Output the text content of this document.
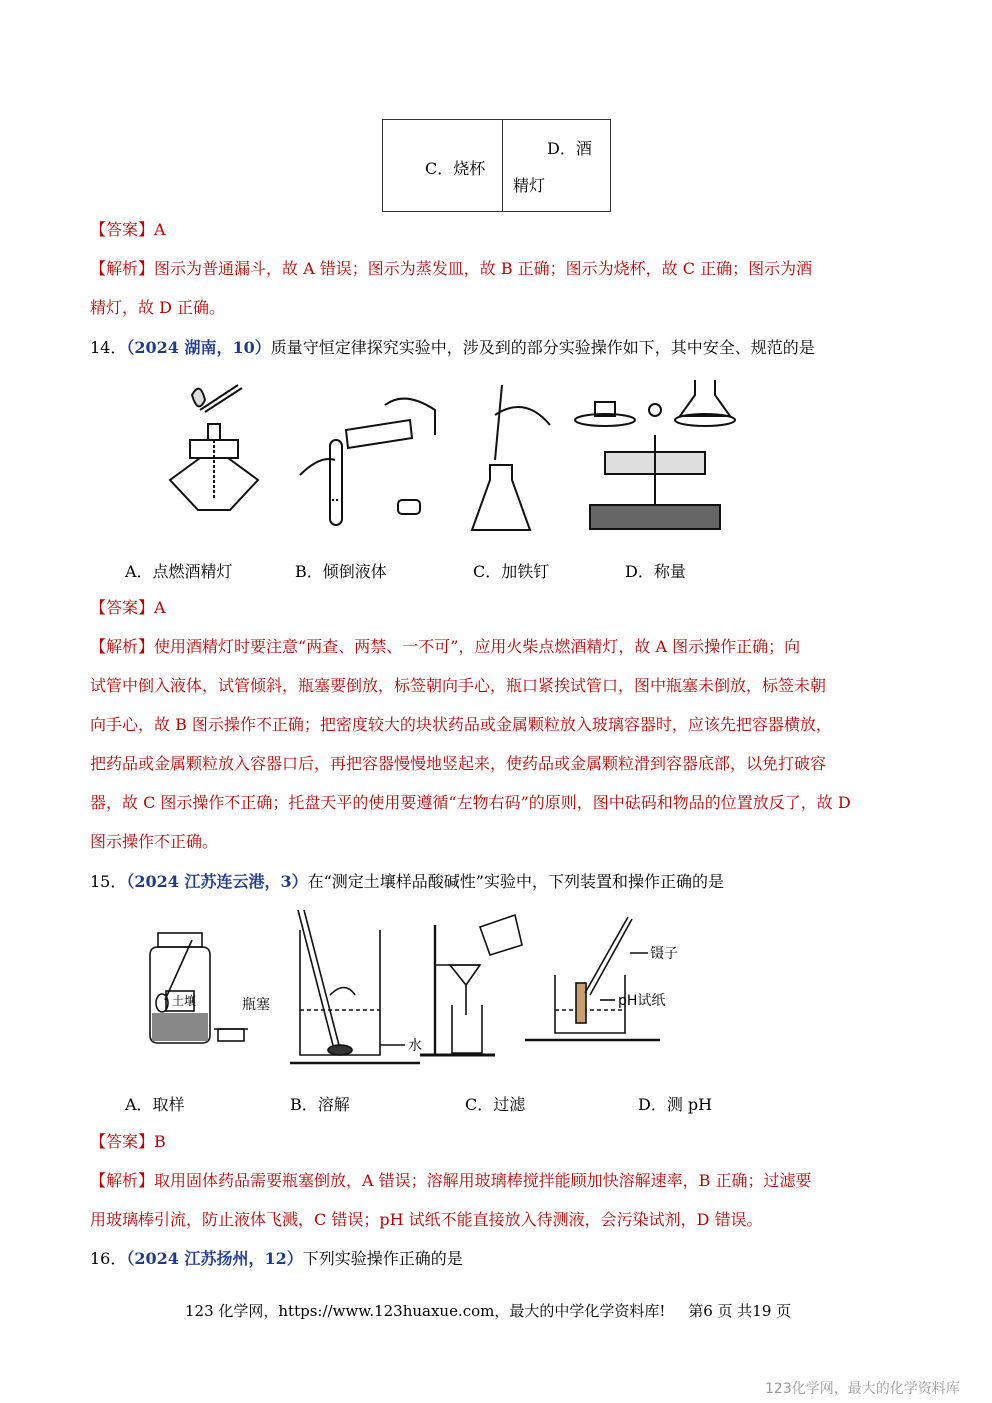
C．烧杯

D．酒
精灯
【答案】A
【解析】图示为普通漏斗，故 A 错误；图示为蒸发皿，故 B 正确；图示为烧杯，故 C 正确；图示为酒
精灯，故 D 正确。
14．（2024 湖南，10）质量守恒定律探究实验中，涉及到的部分实验操作如下，其中安全、规范的是
A．点燃酒精灯	B．倾倒液体	C．加铁钉	D．称量
【答案】A
【解析】使用酒精灯时要注意“两查、两禁、一不可”，应用火柴点燃酒精灯，故 A 图示操作正确；向
试管中倒入液体，试管倾斜，瓶塞要倒放，标签朝向手心，瓶口紧挨试管口，图中瓶塞未倒放，标签未朝
向手心，故 B 图示操作不正确；把密度较大的块状药品或金属颗粒放入玻璃容器时，应该先把容器横放，
把药品或金属颗粒放入容器口后，再把容器慢慢地竖起来，使药品或金属颗粒滑到容器底部，以免打破容
器，故 C 图示操作不正确；托盘天平的使用要遵循“左物右码”的原则，图中砝码和物品的位置放反了，故 D
图示操作不正确。
15．（2024 江苏连云港，3）在“测定土壤样品酸碱性”实验中，下列装置和操作正确的是
土壤	瓶塞
水
镊子
pH试纸
A．取样	B．溶解	C．过滤	D．测 pH
【答案】B
【解析】取用固体药品需要瓶塞倒放，A 错误；溶解用玻璃棒搅拌能顾加快溶解速率，B 正确；过滤要
用玻璃棒引流，防止液体飞溅，C 错误；pH 试纸不能直接放入待测液，会污染试剂，D 错误。
16．（2024 江苏扬州，12）下列实验操作正确的是
123 化学网，https://www.123huaxue.com，最大的中学化学资料库! 第6 页 共19 页
123化学网，最大的化学资料库
